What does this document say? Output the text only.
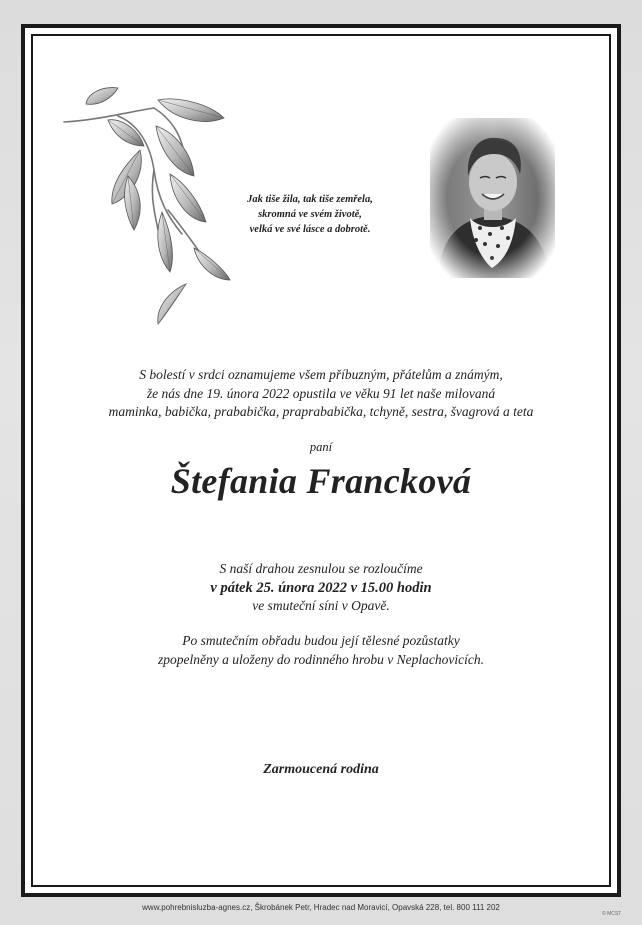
Jak tiše žila, tak tiše zemřela,
skromná ve svém životě,
velká ve své lásce a dobrotě.
S bolestí v srdci oznamujeme všem příbuzným, přátelům a známým,
že nás dne 19. února 2022 opustila ve věku 91 let naše milovaná
maminka, babička, prababička, praprababička, tchyně, sestra, švagrová a teta
paní
Štefania Francková
S naší drahou zesnulou se rozloučíme
v pátek 25. února 2022 v 15.00 hodin
ve smuteční síni v Opavě.
Po smutečním obřadu budou její tělesné pozůstatky
zpopelněny a uloženy do rodinného hrobu v Neplachovicích.
Zarmoucená rodina
www.pohrebnisluzba-agnes.cz, Škrobánek Petr, Hradec nad Moravicí, Opavská 228, tel. 800 111 202
© MCST
